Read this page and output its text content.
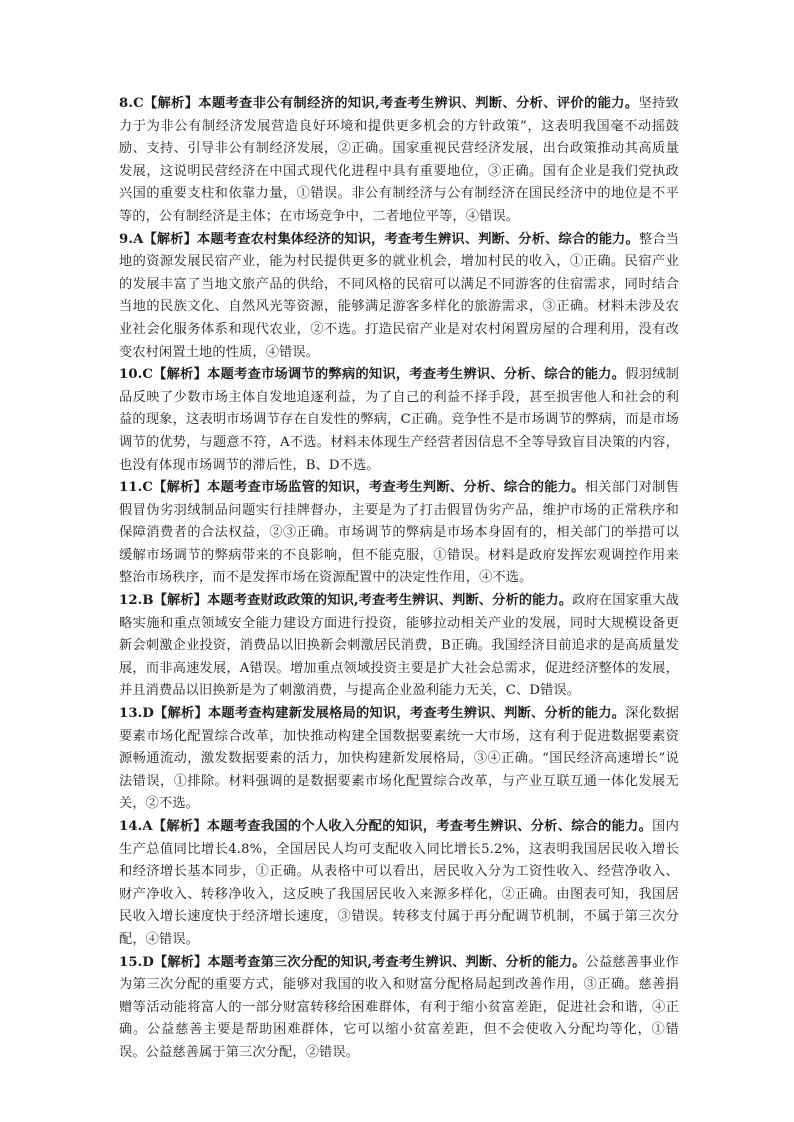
8.C【解析】本题考查非公有制经济的知识,考查考生辨识、判断、分析、评价的能力。坚持致力于为非公有制经济发展营造良好环境和提供更多机会的方针政策”，这表明我国毫不动摇鼓励、支持、引导非公有制经济发展，②正确。国家重视民营经济发展，出台政策推动其高质量发展，这说明民营经济在中国式现代化进程中具有重要地位，③正确。国有企业是我们党执政兴国的重要支柱和依靠力量，①错误。非公有制经济与公有制经济在国民经济中的地位是不平等的，公有制经济是主体；在市场竞争中，二者地位平等，④错误。

9.A【解析】本题考查农村集体经济的知识，考查考生辨识、判断、分析、综合的能力。整合当地的资源发展民宿产业，能为村民提供更多的就业机会，增加村民的收入，①正确。民宿产业的发展丰富了当地文旅产品的供给，不同风格的民宿可以满足不同游客的住宿需求，同时结合当地的民族文化、自然风光等资源，能够满足游客多样化的旅游需求，③正确。材料未涉及农业社会化服务体系和现代农业，②不选。打造民宿产业是对农村闲置房屋的合理利用，没有改变农村闲置土地的性质，④错误。

10.C【解析】本题考查市场调节的弊病的知识，考查考生辨识、分析、综合的能力。假羽绒制品反映了少数市场主体自发地追逐利益，为了自己的利益不择手段，甚至损害他人和社会的利益的现象，这表明市场调节存在自发性的弊病，C正确。竞争性不是市场调节的弊病，而是市场调节的优势，与题意不符，A不选。材料未体现生产经营者因信息不全等导致盲目决策的内容，也没有体现市场调节的滞后性，B、D不选。

11.C【解析】本题考查市场监管的知识，考查考生判断、分析、综合的能力。相关部门对制售假冒伪劣羽绒制品问题实行挂牌督办，主要是为了打击假冒伪劣产品，维护市场的正常秩序和保障消费者的合法权益，②③正确。市场调节的弊病是市场本身固有的，相关部门的举措可以缓解市场调节的弊病带来的不良影响，但不能克服，①错误。材料是政府发挥宏观调控作用来整治市场秩序，而不是发挥市场在资源配置中的决定性作用，④不选。

12.B【解析】本题考查财政政策的知识,考查考生辨识、判断、分析的能力。政府在国家重大战略实施和重点领域安全能力建设方面进行投资，能够拉动相关产业的发展，同时大规模设备更新会刺激企业投资，消费品以旧换新会刺激居民消费，B正确。我国经济目前追求的是高质量发展，而非高速发展，A错误。增加重点领域投资主要是扩大社会总需求，促进经济整体的发展，并且消费品以旧换新是为了刺激消费，与提高企业盈利能力无关，C、D错误。

13.D【解析】本题考查构建新发展格局的知识，考查考生辨识、判断、分析的能力。深化数据要素市场化配置综合改革，加快推动构建全国数据要素统一大市场，这有利于促进数据要素资源畅通流动，激发数据要素的活力，加快构建新发展格局，③④正确。“国民经济高速增长”说法错误，①排除。材料强调的是数据要素市场化配置综合改革，与产业互联互通一体化发展无关，②不选。

14.A【解析】本题考查我国的个人收入分配的知识，考查考生辨识、分析、综合的能力。国内生产总值同比增长4.8%，全国居民人均可支配收入同比增长5.2%，这表明我国居民收入增长和经济增长基本同步，①正确。从表格中可以看出，居民收入分为工资性收入、经营净收入、财产净收入、转移净收入，这反映了我国居民收入来源多样化，②正确。由图表可知，我国居民收入增长速度快于经济增长速度，③错误。转移支付属于再分配调节机制，不属于第三次分配，④错误。

15.D【解析】本题考查第三次分配的知识,考查考生辨识、判断、分析的能力。公益慈善事业作为第三次分配的重要方式，能够对我国的收入和财富分配格局起到改善作用，③正确。慈善捐赠等活动能将富人的一部分财富转移给困难群体，有利于缩小贫富差距，促进社会和谐，④正确。公益慈善主要是帮助困难群体，它可以缩小贫富差距，但不会使收入分配均等化，①错误。公益慈善属于第三次分配，②错误。
